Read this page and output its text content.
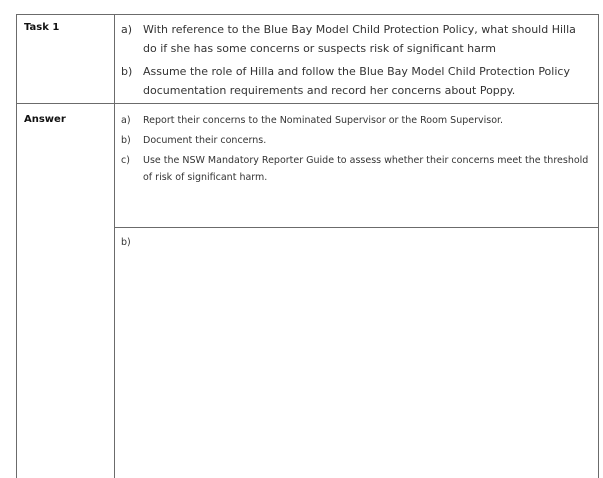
Task 1	a) With reference to the Blue Bay Model Child Protection Policy, what should Hilla do if she has some concerns or suspects risk of significant harm
b) Assume the role of Hilla and follow the Blue Bay Model Child Protection Policy documentation requirements and record her concerns about Poppy.
Answer	a)	Report their concerns to the Nominated Supervisor or the Room Supervisor.
b)	Document their concerns.
c)	Use the NSW Mandatory Reporter Guide to assess whether their concerns meet the threshold of risk of significant harm.
b)
